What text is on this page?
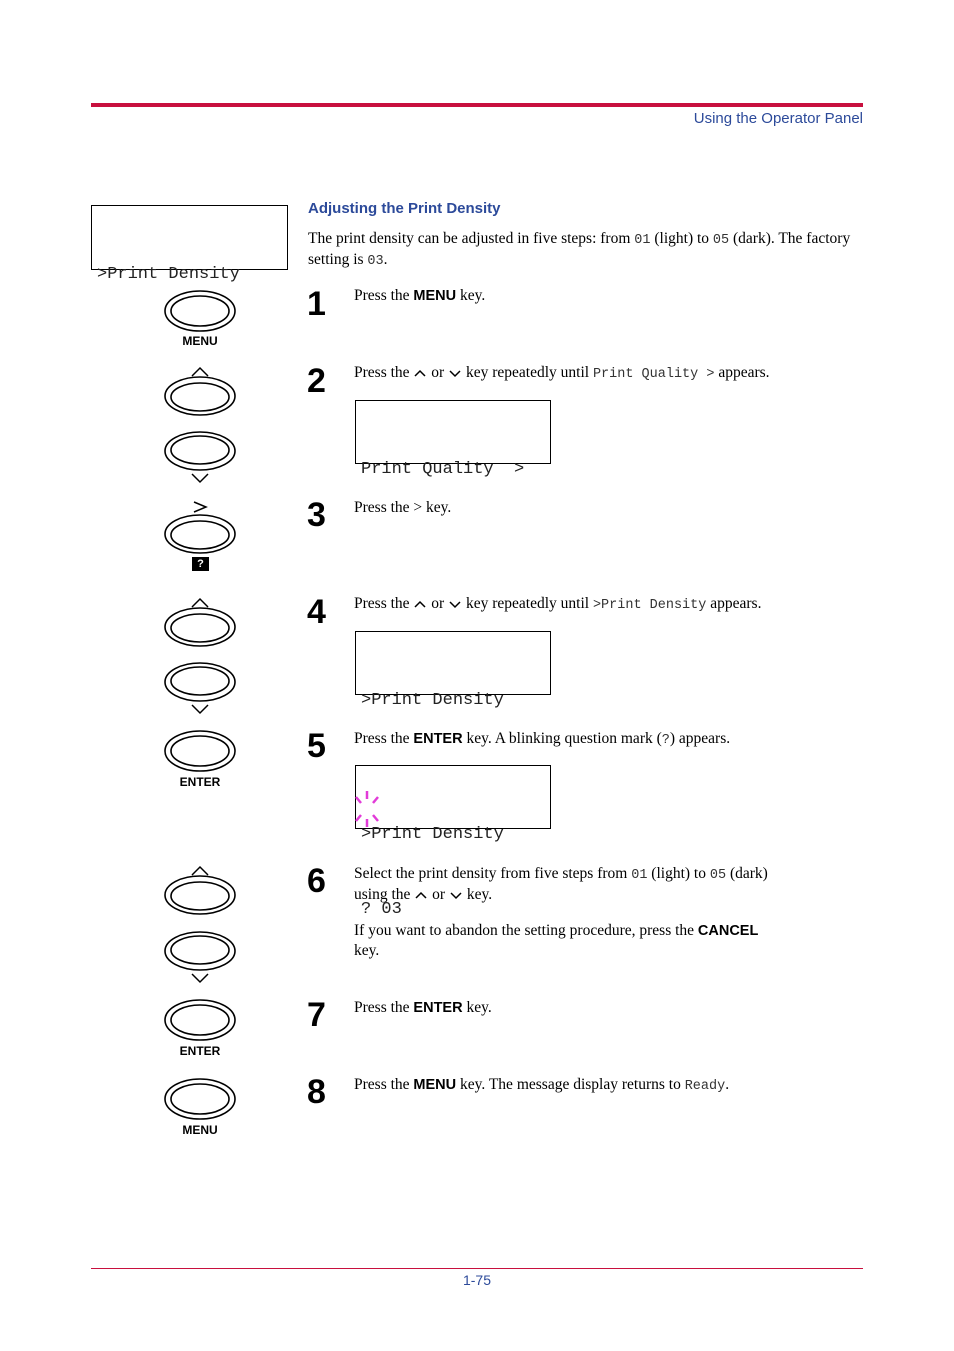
Using the Operator Panel

>Print Density

Adjusting the Print Density
The print density can be adjusted in five steps: from 01 (light) to 05 (dark). The factory setting is 03.
MENU
?
ENTER
ENTER
MENU
1 Press the MENU key.
2 Press the  or  key repeatedly until Print Quality > appears.

Print Quality  >

3 Press the > key.
4 Press the  or  key repeatedly until >Print Density appears.

>Print Density

5 Press the ENTER key. A blinking question mark (?) appears.

>Print Density

? 03

6 Select the print density from five steps from 01 (light) to 05 (dark)
using the  or  key.
If you want to abandon the setting procedure, press the CANCEL
key.
7 Press the ENTER key.
8 Press the MENU key. The message display returns to Ready.
1-75
